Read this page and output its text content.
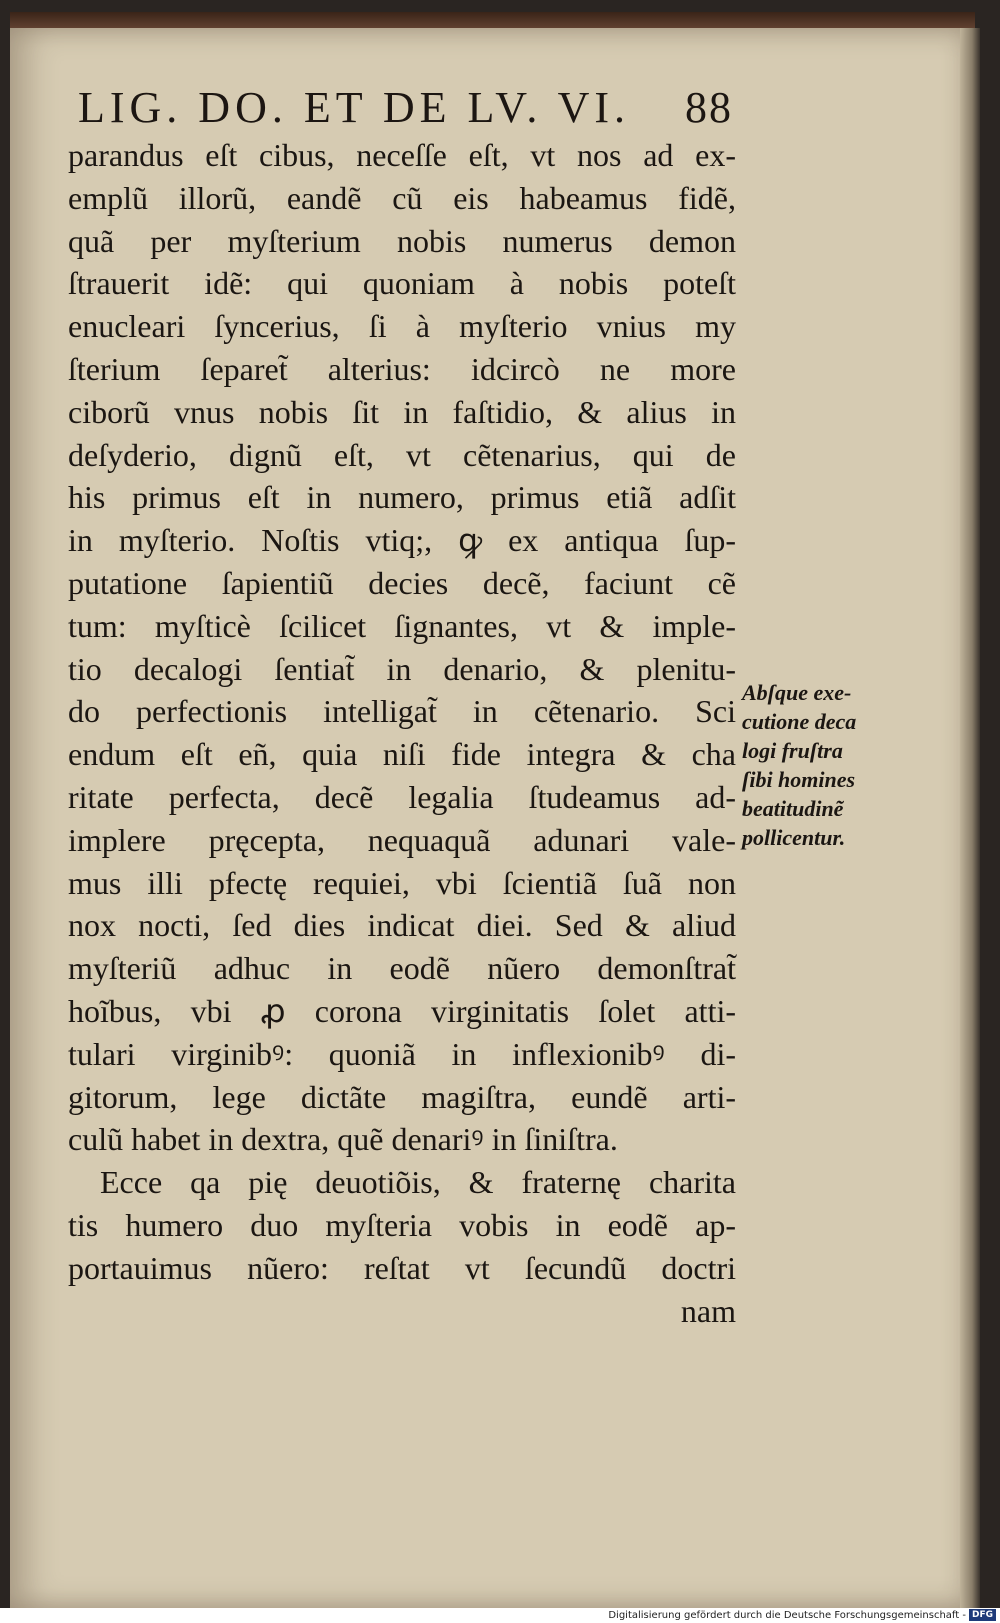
LIG. DO. ET DE LV. VI. 88
parandus eſt cibus, neceſſe eſt, vt nos ad ex-
emplũ illorũ, eandẽ cũ eis habeamus fidẽ,
quã per myſterium nobis numerus demon
ſtrauerit idẽ: qui quoniam à nobis poteſt
enucleari ſyncerius, ſi à myſterio vnius my
ſterium ſeparet̃ alterius: idcircò ne more
ciborũ vnus nobis ſit in faſtidio, & alius in
deſyderio, dignũ eſt, vt cẽtenarius, qui de
his primus eſt in numero, primus etiã adſit
in myſterio. Noſtis vtiq;, ꝙ ex antiqua ſup-
putatione ſapientiũ decies decẽ, faciunt cẽ
tum: myſticè ſcilicet ſignantes, vt & imple-
tio decalogi ſentiat̃ in denario, & plenitu-
do perfectionis intelligat̃ in cẽtenario. Sci
endum eſt eñ, quia niſi fide integra & cha
ritate perfecta, decẽ legalia ſtudeamus ad-
implere pręcepta, nequaquã adunari vale-
mus illi pfectę requiei, vbi ſcientiã ſuã non
nox nocti, ſed dies indicat diei. Sed & aliud
myſteriũ adhuc in eodẽ nũero demonſtrat̃
hoĩbus, vbi ꝓ corona virginitatis ſolet atti-
tulari virginibꝰ: quoniã in inflexionibꝰ di-
gitorum, lege dictãte magiſtra, eundẽ arti-
culũ habet in dextra, quẽ denariꝰ in ſiniſtra.
Ecce qa pię deuotiõis, & fraternę charita
tis humero duo myſteria vobis in eodẽ ap-
portauimus nũero: reſtat vt ſecundũ doctri
nam
Abſque exe-
cutione deca
logi fruſtra
ſibi homines
beatitudinẽ
pollicentur.
Digitalisierung gefördert durch die Deutsche Forschungsgemeinschaft - DFG
